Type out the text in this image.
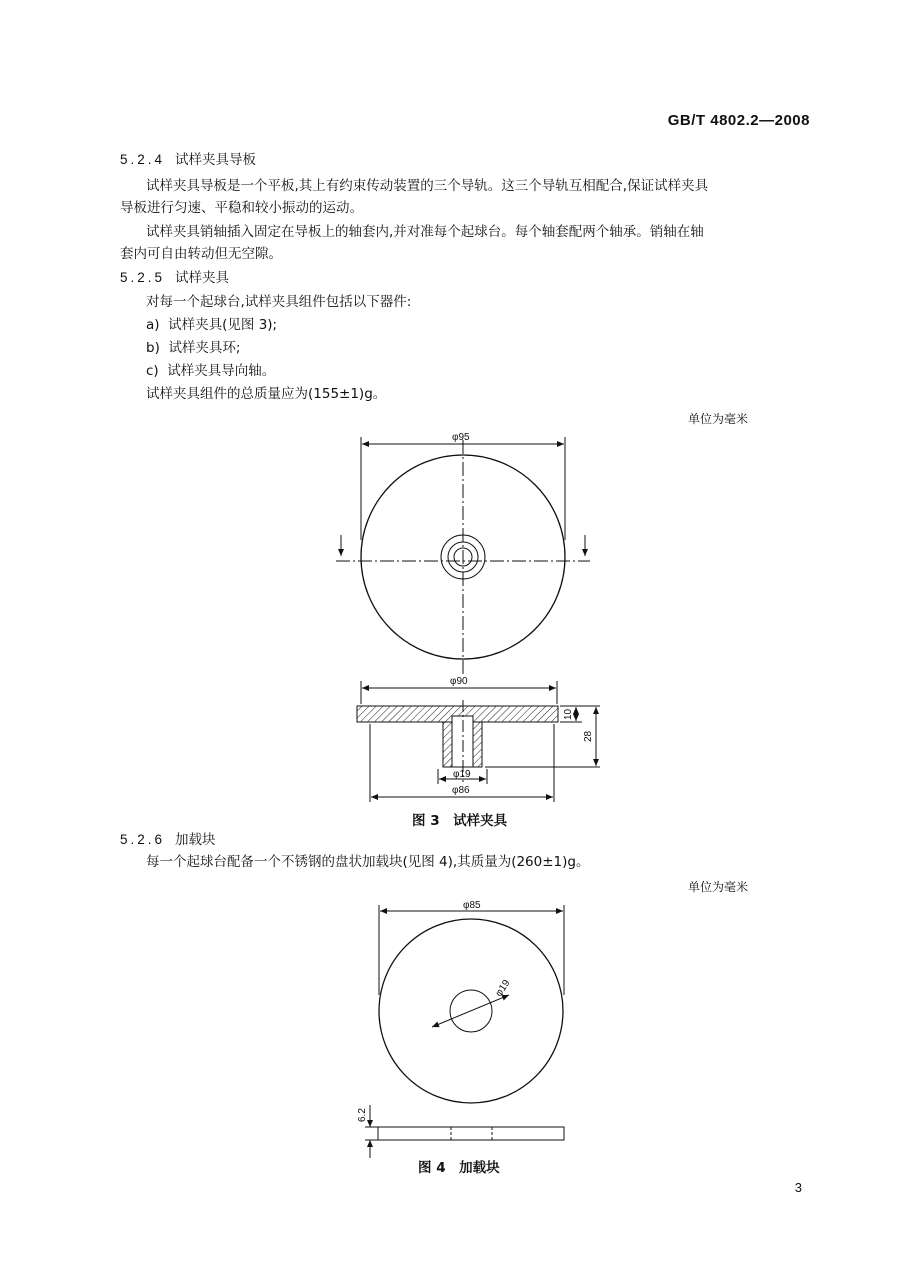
GB/T 4802.2—2008
5.2.4 试样夹具导板
试样夹具导板是一个平板,其上有约束传动装置的三个导轨。这三个导轨互相配合,保证试样夹具
导板进行匀速、平稳和较小振动的运动。
试样夹具销轴插入固定在导板上的轴套内,并对准每个起球台。每个轴套配两个轴承。销轴在轴
套内可自由转动但无空隙。
5.2.5 试样夹具
对每一个起球台,试样夹具组件包括以下器件:
a) 试样夹具(见图 3);
b) 试样夹具环;
c) 试样夹具导向轴。
试样夹具组件的总质量应为(155±1)g。
单位为毫米
φ95
φ90
φ19
φ86
10
28
φ85
φ19
6.2
图 3　试样夹具
5.2.6 加载块
每一个起球台配备一个不锈钢的盘状加载块(见图 4),其质量为(260±1)g。
单位为毫米
图 4　加载块
3
